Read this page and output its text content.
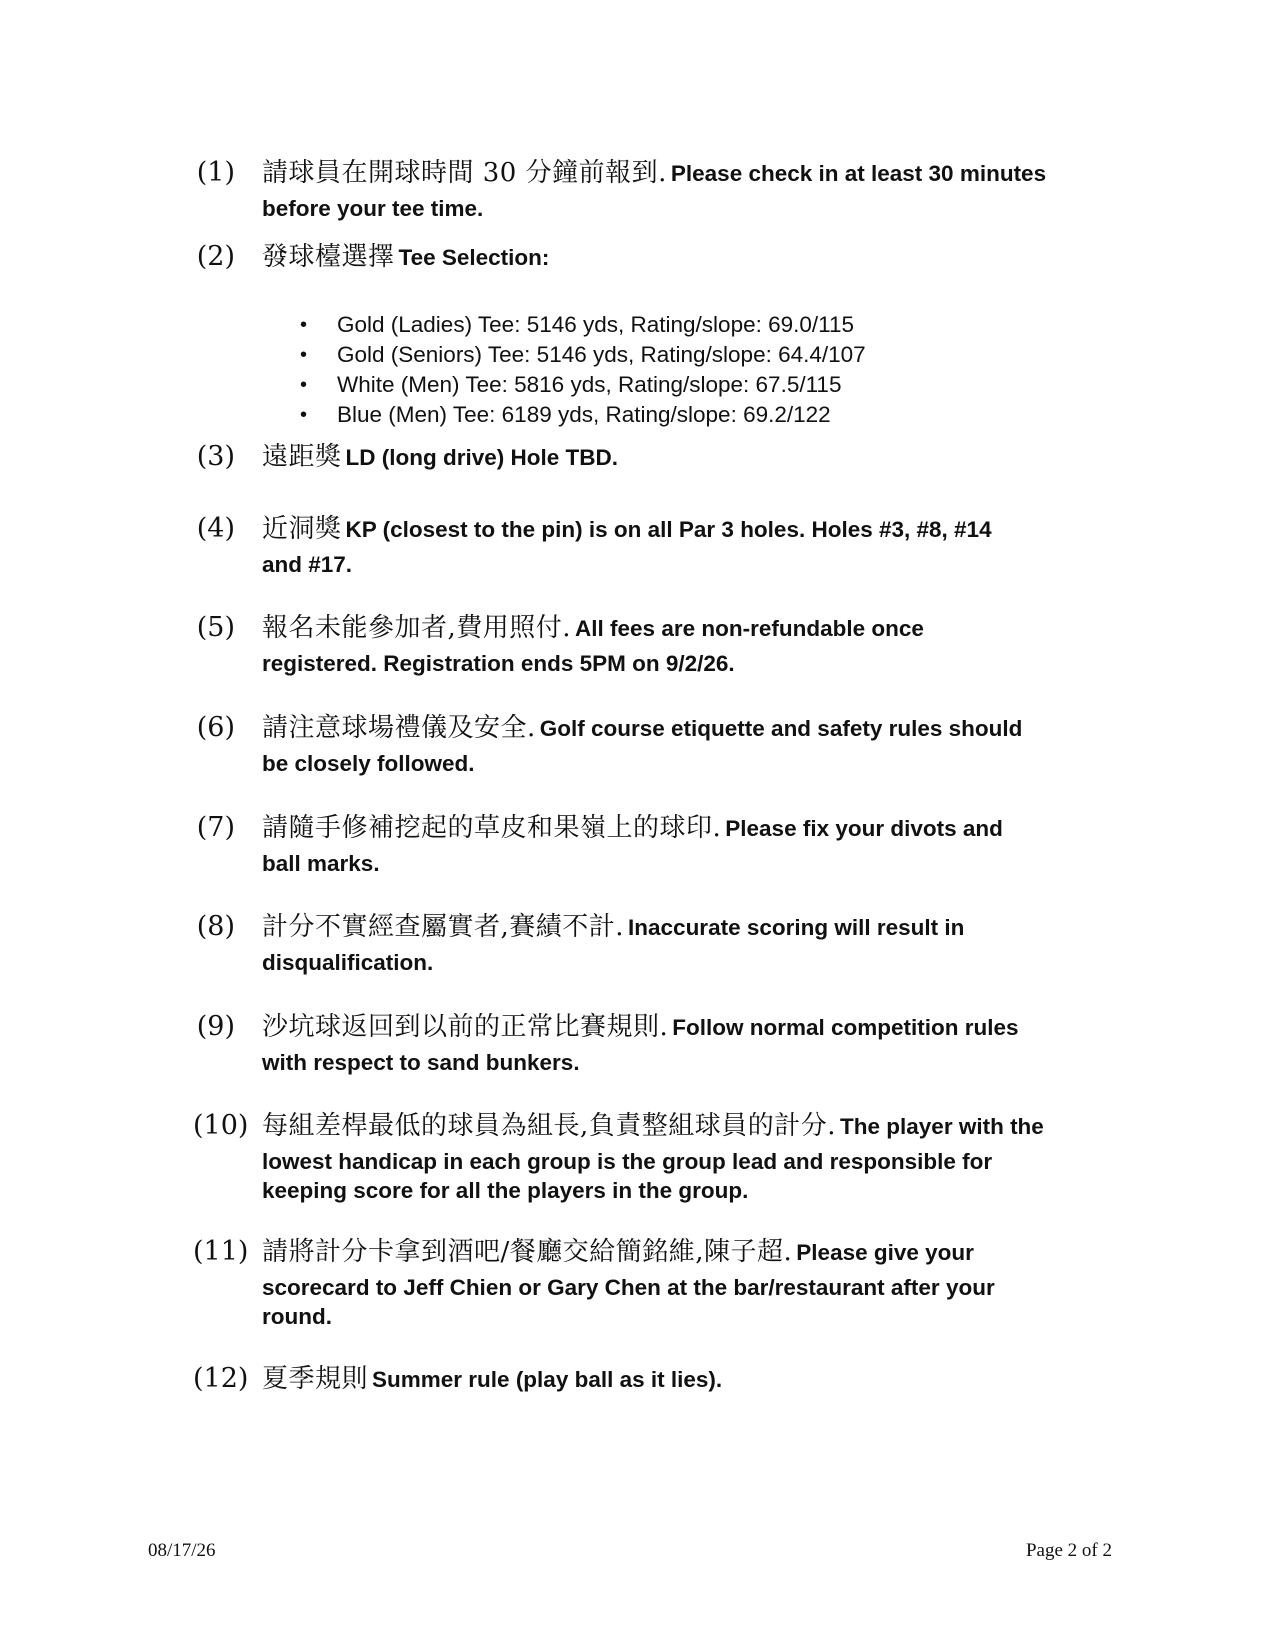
(1) 請球員在開球時間 30 分鐘前報到. Please check in at least 30 minutes
before your tee time.
(2) 發球檯選擇 Tee Selection:
• Gold (Ladies) Tee: 5146 yds, Rating/slope: 69.0/115
• Gold (Seniors) Tee: 5146 yds, Rating/slope: 64.4/107
• White (Men) Tee: 5816 yds, Rating/slope: 67.5/115
• Blue (Men) Tee: 6189 yds, Rating/slope: 69.2/122
(3) 遠距獎 LD (long drive) Hole TBD.
(4) 近洞獎 KP (closest to the pin) is on all Par 3 holes. Holes #3, #8, #14
and #17.
(5) 報名未能參加者,費用照付. All fees are non-refundable once
registered. Registration ends 5PM on 9/2/26.
(6) 請注意球場禮儀及安全. Golf course etiquette and safety rules should
be closely followed.
(7) 請隨手修補挖起的草皮和果嶺上的球印. Please fix your divots and
ball marks.
(8) 計分不實經查屬實者,賽績不計. Inaccurate scoring will result in
disqualification.
(9) 沙坑球返回到以前的正常比賽規則. Follow normal competition rules
with respect to sand bunkers.
(10) 每組差桿最低的球員為組長,負責整組球員的計分. The player with the
lowest handicap in each group is the group lead and responsible for
keeping score for all the players in the group.
(11) 請將計分卡拿到酒吧/餐廳交給簡銘維,陳子超. Please give your
scorecard to Jeff Chien or Gary Chen at the bar/restaurant after your
round.
(12) 夏季規則 Summer rule (play ball as it lies).
08/17/26	Page 2 of 2
